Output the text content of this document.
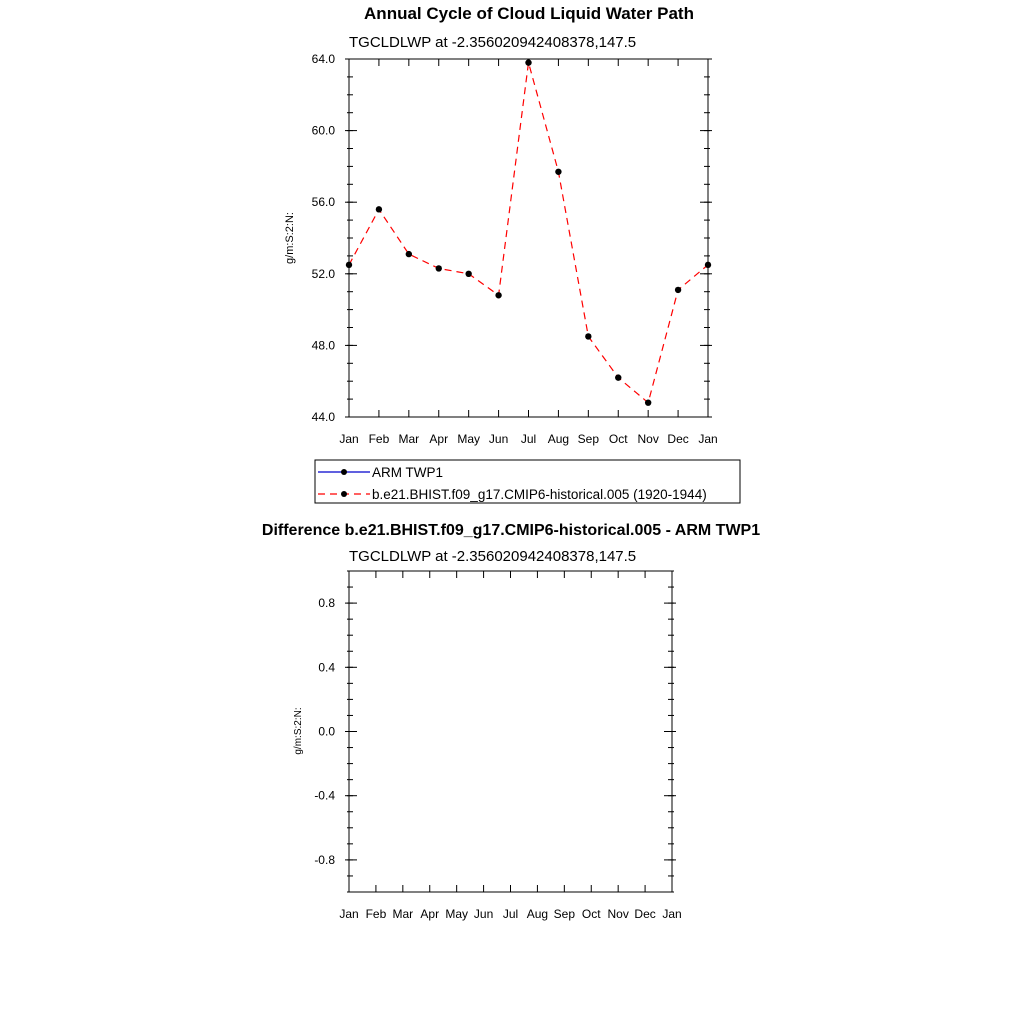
Annual Cycle of Cloud Liquid Water Path
TGCLDLWP at -2.356020942408378,147.5
g/m:S:2:N:
Jan Feb Mar Apr May Jun Jul Aug Sep Oct Nov Dec Jan
44.0
48.0
52.0
56.0
60.0
64.0
ARM TWP1
b.e21.BHIST.f09_g17.CMIP6-historical.005 (1920-1944)
Difference b.e21.BHIST.f09_g17.CMIP6-historical.005 - ARM TWP1
TGCLDLWP at -2.356020942408378,147.5
g/m:S:2:N:
Jan Feb Mar Apr May Jun Jul Aug Sep Oct Nov Dec Jan
-0.8
-0.4
0.0
0.4
0.8
